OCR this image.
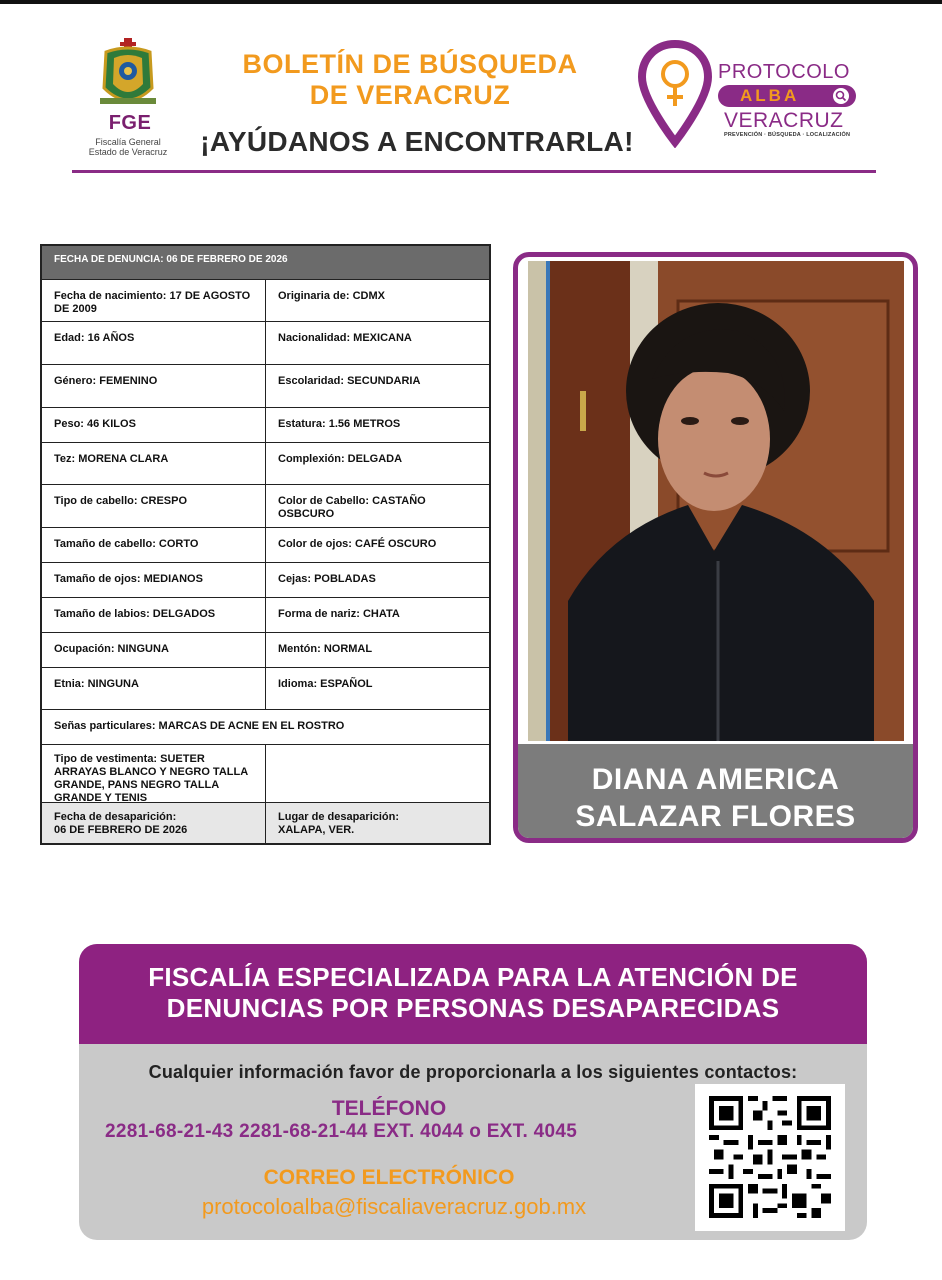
FGE
Fiscalía General
Estado de Veracruz
BOLETÍN DE BÚSQUEDA
DE VERACRUZ
¡AYÚDANOS A ENCONTRARLA!
PROTOCOLO
ALBA
VERACRUZ
PREVENCIÓN · BÚSQUEDA · LOCALIZACIÓN
FECHA DE DENUNCIA: 06 DE FEBRERO DE 2026
Fecha de nacimiento: 17 DE AGOSTO DE 2009
Originaria de: CDMX
Edad: 16 AÑOS	Nacionalidad: MEXICANA
Género: FEMENINO	Escolaridad: SECUNDARIA
Peso: 46 KILOS	Estatura: 1.56 METROS
Tez: MORENA CLARA	Complexión: DELGADA
Tipo de cabello: CRESPO	Color de Cabello: CASTAÑO OSBCURO
Tamaño de cabello: CORTO	Color de ojos: CAFÉ OSCURO
Tamaño de ojos: MEDIANOS	Cejas: POBLADAS
Tamaño de labios: DELGADOS	Forma de nariz: CHATA
Ocupación: NINGUNA	Mentón: NORMAL
Etnia: NINGUNA	Idioma: ESPAÑOL
Señas particulares: MARCAS DE ACNE EN EL ROSTRO
Tipo de vestimenta: SUETER ARRAYAS BLANCO Y NEGRO TALLA GRANDE, PANS NEGRO TALLA GRANDE Y TENIS
Fecha de desaparición:
06 DE FEBRERO DE 2026
Lugar de desaparición:
XALAPA, VER.
DIANA AMERICA
SALAZAR FLORES
FISCALÍA ESPECIALIZADA PARA LA ATENCIÓN DE
DENUNCIAS POR PERSONAS DESAPARECIDAS
Cualquier información favor de proporcionarla a los siguientes contactos:
TELÉFONO
2281-68-21-43 2281-68-21-44 EXT. 4044 o EXT. 4045
CORREO ELECTRÓNICO
protocoloalba@fiscaliaveracruz.gob.mx
